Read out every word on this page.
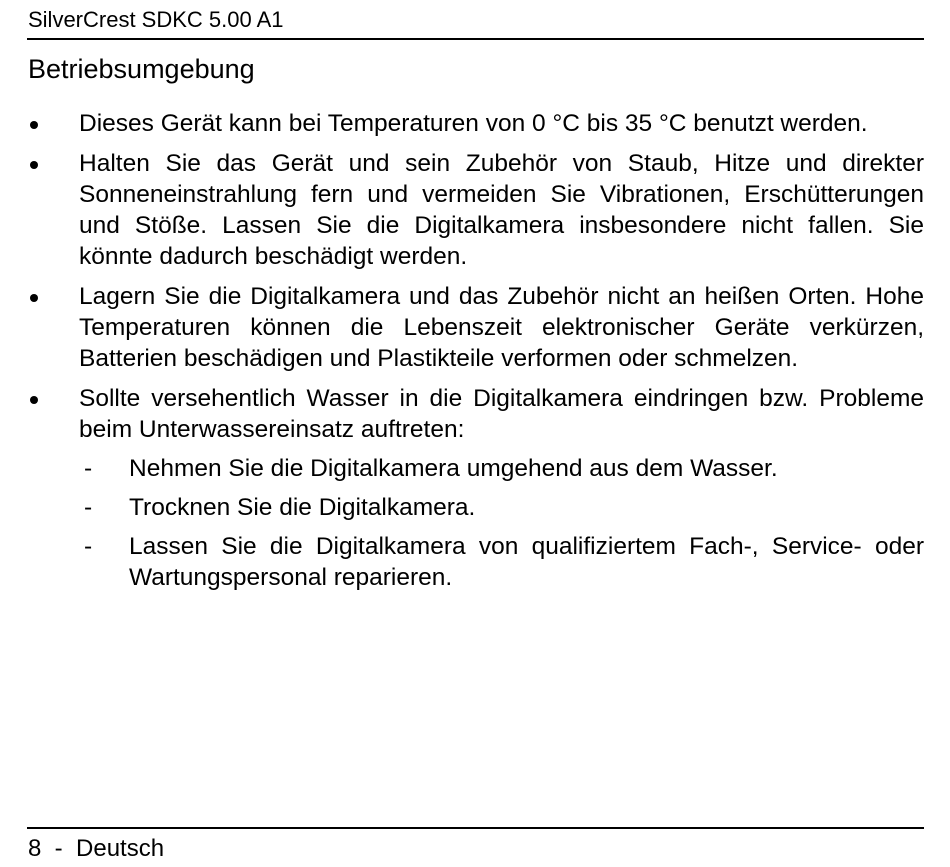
SilverCrest SDKC 5.00 A1
Betriebsumgebung
Dieses Gerät kann bei Temperaturen von 0 °C bis 35 °C benutzt werden.
Halten Sie das Gerät und sein Zubehör von Staub, Hitze und direkter Sonneneinstrahlung fern und vermeiden Sie Vibrationen, Erschütterungen und Stöße. Lassen Sie die Digitalkamera insbesondere nicht fallen. Sie könnte dadurch beschädigt werden.
Lagern Sie die Digitalkamera und das Zubehör nicht an heißen Orten. Hohe Temperaturen können die Lebenszeit elektronischer Geräte verkürzen, Batterien beschädigen und Plastikteile verformen oder schmelzen.
Sollte versehentlich Wasser in die Digitalkamera eindringen bzw. Probleme beim Unterwassereinsatz auftreten:
- Nehmen Sie die Digitalkamera umgehend aus dem Wasser.
- Trocknen Sie die Digitalkamera.
- Lassen Sie die Digitalkamera von qualifiziertem Fach-, Service- oder Wartungspersonal reparieren.
8  -  Deutsch
